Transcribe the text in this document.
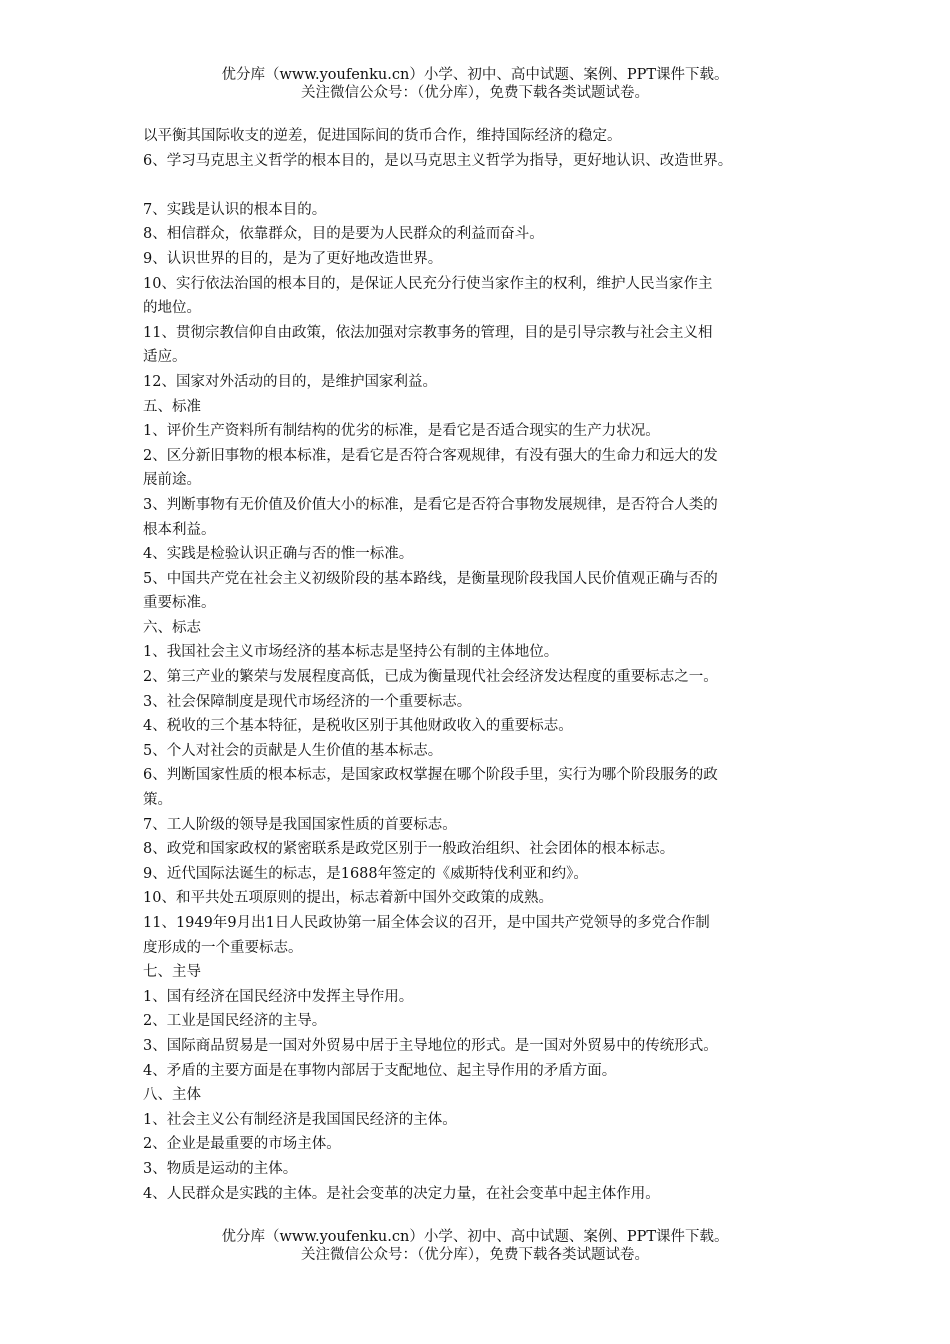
优分库（www.youfenku.cn）小学、初中、高中试题、案例、PPT课件下载。
关注微信公众号：（优分库），免费下载各类试题试卷。
以平衡其国际收支的逆差，促进国际间的货币合作，维持国际经济的稳定。
6、学习马克思主义哲学的根本目的，是以马克思主义哲学为指导，更好地认识、改造世界。
7、实践是认识的根本目的。
8、相信群众，依靠群众，目的是要为人民群众的利益而奋斗。
9、认识世界的目的，是为了更好地改造世界。
10、实行依法治国的根本目的，是保证人民充分行使当家作主的权利，维护人民当家作主
的地位。
11、贯彻宗教信仰自由政策，依法加强对宗教事务的管理，目的是引导宗教与社会主义相
适应。
12、国家对外活动的目的，是维护国家利益。
五、标准
1、评价生产资料所有制结构的优劣的标准，是看它是否适合现实的生产力状况。
2、区分新旧事物的根本标准，是看它是否符合客观规律，有没有强大的生命力和远大的发
展前途。
3、判断事物有无价值及价值大小的标准，是看它是否符合事物发展规律，是否符合人类的
根本利益。
4、实践是检验认识正确与否的惟一标准。
5、中国共产党在社会主义初级阶段的基本路线，是衡量现阶段我国人民价值观正确与否的
重要标准。
六、标志
1、我国社会主义市场经济的基本标志是坚持公有制的主体地位。
2、第三产业的繁荣与发展程度高低，已成为衡量现代社会经济发达程度的重要标志之一。
3、社会保障制度是现代市场经济的一个重要标志。
4、税收的三个基本特征，是税收区别于其他财政收入的重要标志。
5、个人对社会的贡献是人生价值的基本标志。
6、判断国家性质的根本标志，是国家政权掌握在哪个阶段手里，实行为哪个阶段服务的政
策。
7、工人阶级的领导是我国国家性质的首要标志。
8、政党和国家政权的紧密联系是政党区别于一般政治组织、社会团体的根本标志。
9、近代国际法诞生的标志，是1688年签定的《威斯特伐利亚和约》。
10、和平共处五项原则的提出，标志着新中国外交政策的成熟。
11、1949年9月出1日人民政协第一届全体会议的召开，是中国共产党领导的多党合作制
度形成的一个重要标志。
七、主导
1、国有经济在国民经济中发挥主导作用。
2、工业是国民经济的主导。
3、国际商品贸易是一国对外贸易中居于主导地位的形式。是一国对外贸易中的传统形式。
4、矛盾的主要方面是在事物内部居于支配地位、起主导作用的矛盾方面。
八、主体
1、社会主义公有制经济是我国国民经济的主体。
2、企业是最重要的市场主体。
3、物质是运动的主体。
4、人民群众是实践的主体。是社会变革的决定力量，在社会变革中起主体作用。
优分库（www.youfenku.cn）小学、初中、高中试题、案例、PPT课件下载。
关注微信公众号：（优分库），免费下载各类试题试卷。
